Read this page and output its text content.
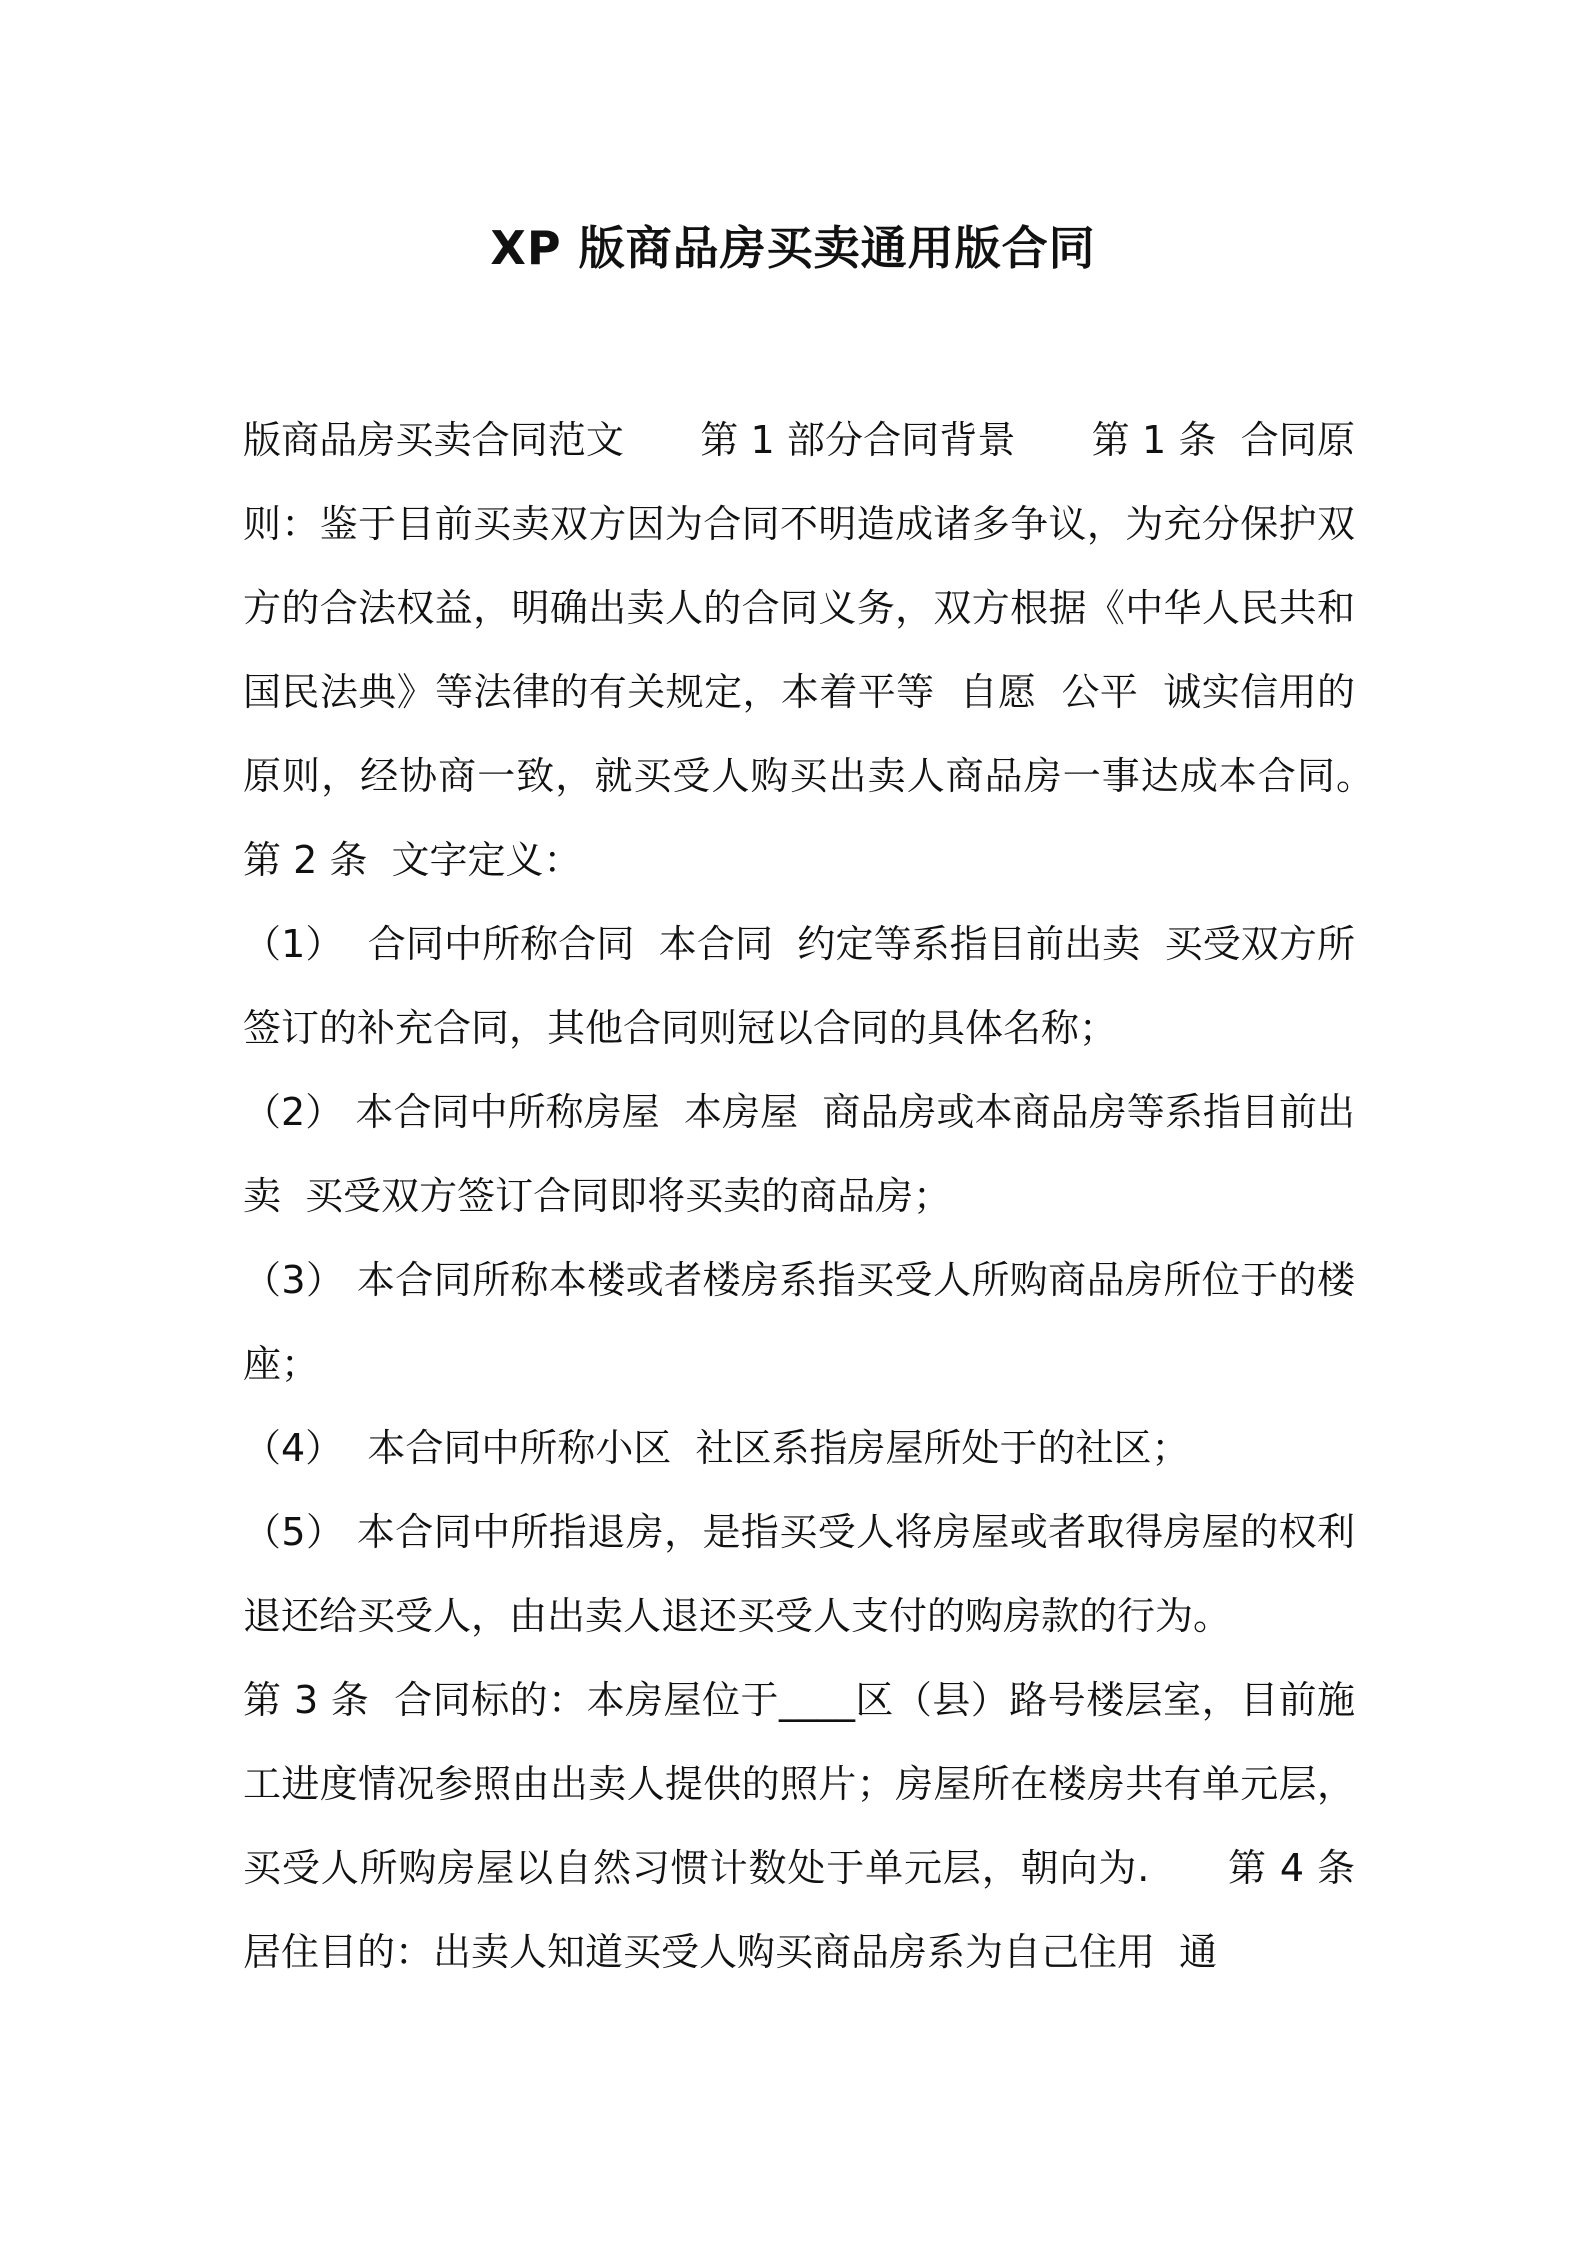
XP 版商品房买卖通用版合同

版商品房买卖合同范文　　第 1 部分合同背景　　第 1 条  合同原则：鉴于目前买卖双方因为合同不明造成诸多争议，为充分保护双方的合法权益，明确出卖人的合同义务，双方根据《中华人民共和国民法典》等法律的有关规定，本着平等  自愿  公平  诚实信用的原则，经协商一致，就买受人购买出卖人商品房一事达成本合同。　　第 2 条  文字定义：

（1）  合同中所称合同  本合同  约定等系指目前出卖  买受双方所签订的补充合同，其他合同则冠以合同的具体名称；

（2） 本合同中所称房屋  本房屋  商品房或本商品房等系指目前出卖  买受双方签订合同即将买卖的商品房；

（3） 本合同所称本楼或者楼房系指买受人所购商品房所位于的楼座；

（4）  本合同中所称小区  社区系指房屋所处于的社区；

（5） 本合同中所指退房，是指买受人将房屋或者取得房屋的权利退还给买受人，由出卖人退还买受人支付的购房款的行为。

第 3 条  合同标的：本房屋位于____区（县）路号楼层室，目前施工进度情况参照由出卖人提供的照片；房屋所在楼房共有单元层，买受人所购房屋以自然习惯计数处于单元层，朝向为.　　第 4 条  居住目的：出卖人知道买受人购买商品房系为自己住用  通
